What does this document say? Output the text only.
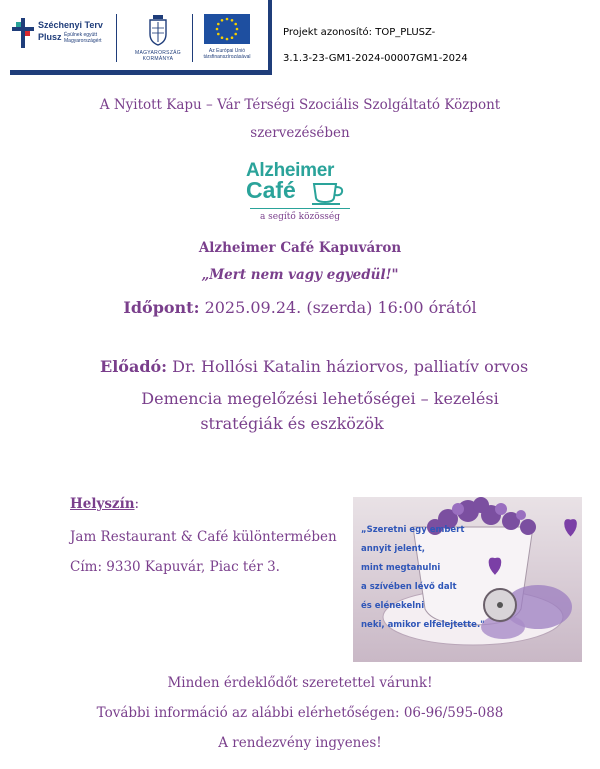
Széchenyi Terv
Plusz Épülnek együtt Magyarországért
MAGYARORSZÁG KORMÁNYA
Az Európai Unió társfinanszírozásával
Projekt azonosító: TOP_PLUSZ-
3.1.3-23-GM1-2024-00007GM1-2024
A Nyitott Kapu – Vár Térségi Szociális Szolgáltató Központ
szervezésében
Alzheimer
Café
a segítő közösség
Alzheimer Café Kapuváron
„Mert nem vagy egyedül!"
Időpont: 2025.09.24. (szerda) 16:00 órától
Előadó: Dr. Hollósi Katalin háziorvos, palliatív orvos
Demencia megelőzési lehetőségei – kezelési
stratégiák és eszközök
Helyszín:
Jam Restaurant & Café különtermében
Cím: 9330 Kapuvár, Piac tér 3.
„Szeretni egy embert
annyit jelent,
mint megtanulni
a szívében lévő dalt
és elénekelni
neki, amikor elfelejtette."
Minden érdeklődőt szeretettel várunk!
További információ az alábbi elérhetőségen: 06-96/595-088
A rendezvény ingyenes!
